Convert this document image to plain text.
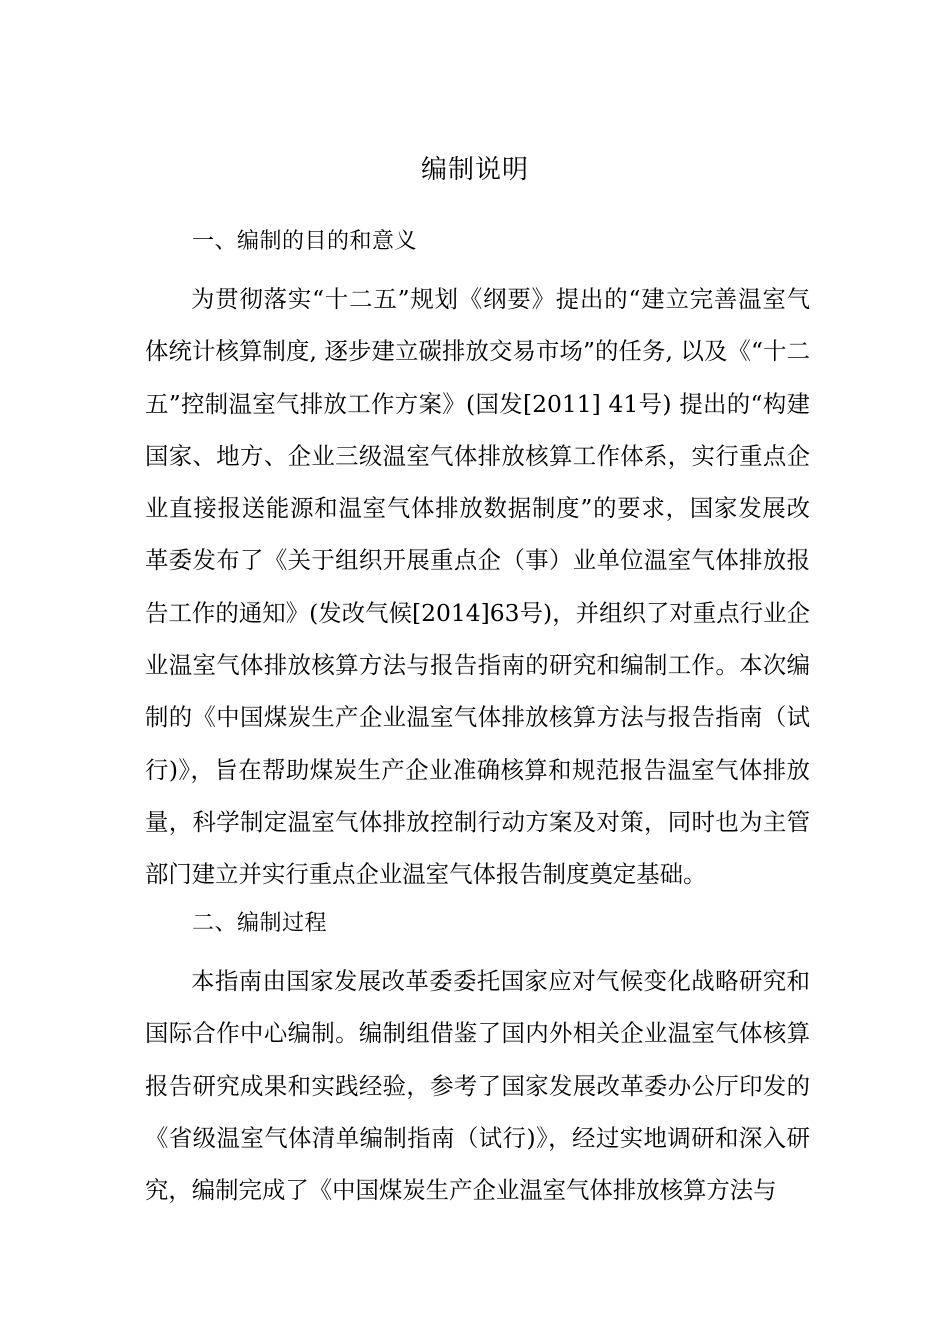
编制说明
一、编制的目的和意义

为贯彻落实“十二五”规划《纲要》提出的“建立完善温室气体统计核算制度, 逐步建立碳排放交易市场”的任务, 以及《“十二五”控制温室气排放工作方案》(国发[2011] 41号) 提出的“构建国家、地方、企业三级温室气体排放核算工作体系，实行重点企业直接报送能源和温室气体排放数据制度”的要求，国家发展改革委发布了《关于组织开展重点企（事）业单位温室气体排放报告工作的通知》(发改气候[2014]63号)，并组织了对重点行业企业温室气体排放核算方法与报告指南的研究和编制工作。本次编制的《中国煤炭生产企业温室气体排放核算方法与报告指南（试行)》，旨在帮助煤炭生产企业准确核算和规范报告温室气体排放量，科学制定温室气体排放控制行动方案及对策，同时也为主管部门建立并实行重点企业温室气体报告制度奠定基础。

二、编制过程

本指南由国家发展改革委委托国家应对气候变化战略研究和国际合作中心编制。编制组借鉴了国内外相关企业温室气体核算报告研究成果和实践经验，参考了国家发展改革委办公厅印发的《省级温室气体清单编制指南（试行)》，经过实地调研和深入研究，编制完成了《中国煤炭生产企业温室气体排放核算方法与
